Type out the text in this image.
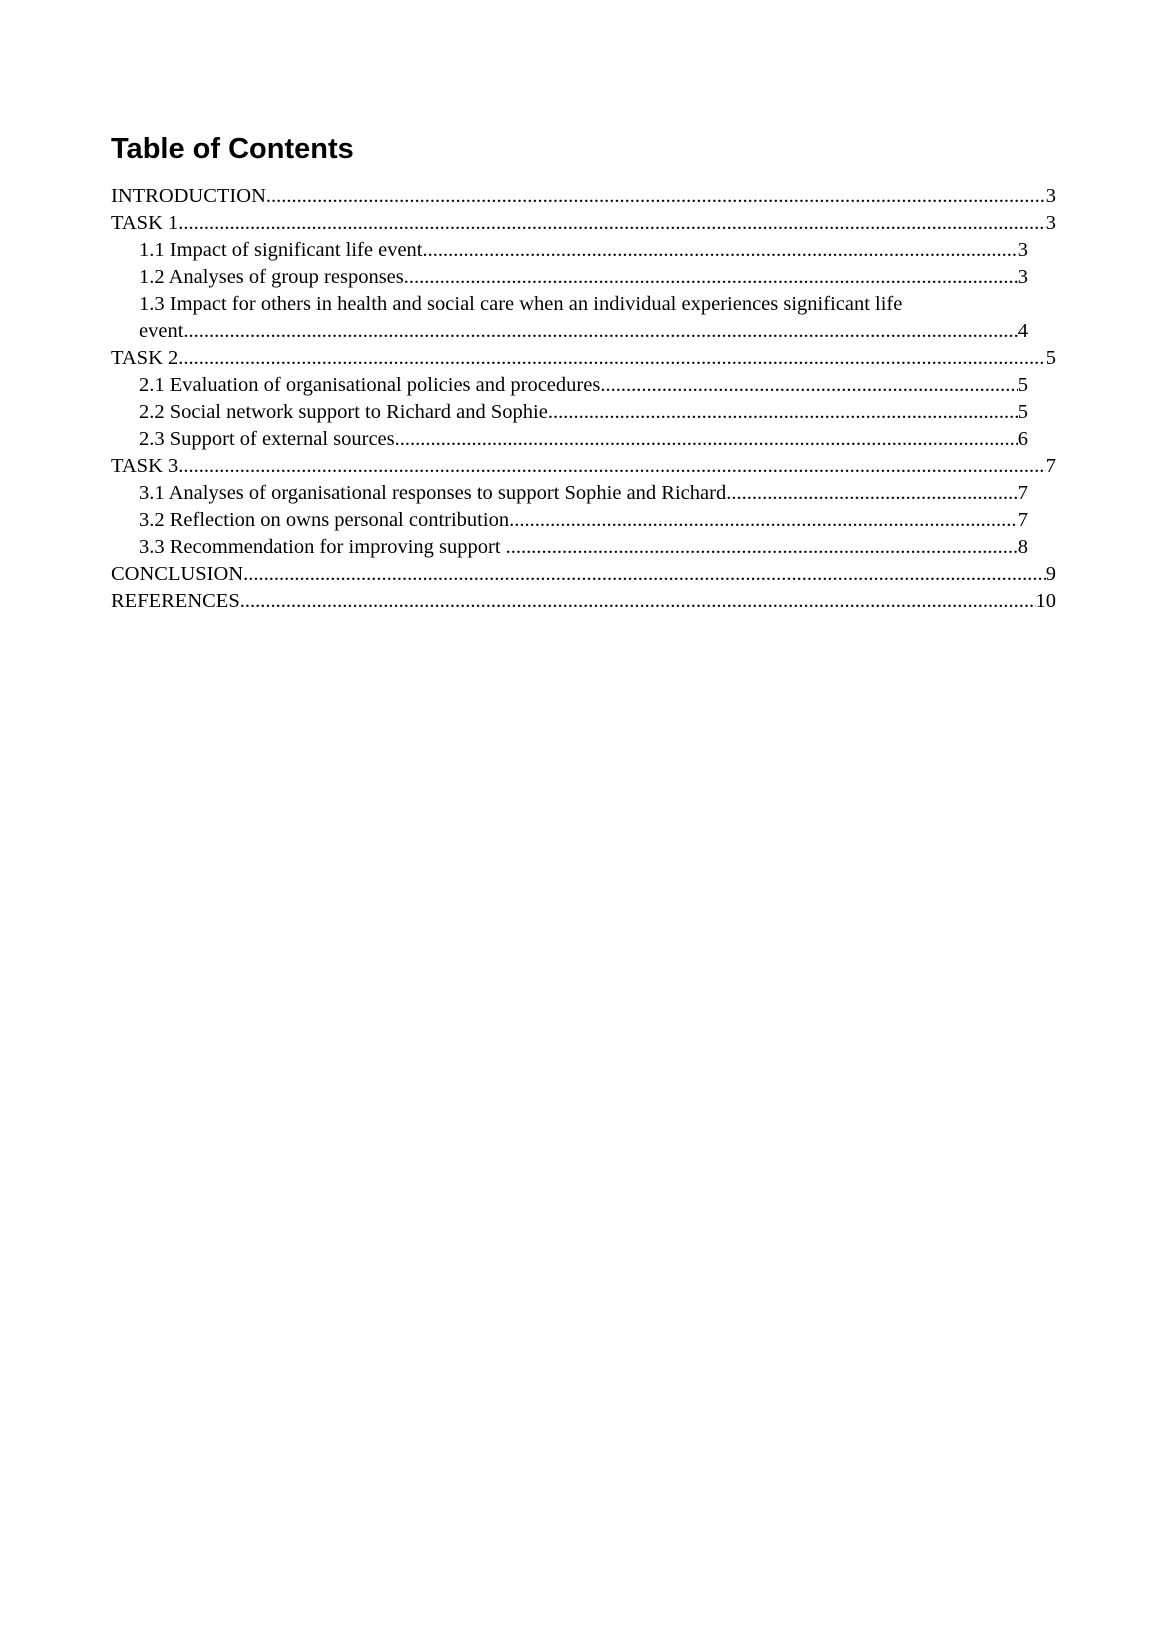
Table of Contents
INTRODUCTION .....	3
TASK 1 .....	3
1.1 Impact of significant life event .....	3
1.2 Analyses of group responses .....	3
1.3 Impact for others in health and social care when an individual experiences significant life
event .....	4
TASK 2 .....	5
2.1 Evaluation of organisational policies and procedures .....	5
2.2 Social network support to Richard and Sophie .....	5
2.3 Support of external sources .....	6
TASK 3 .....	7
3.1 Analyses of organisational responses to support Sophie and Richard .....	7
3.2 Reflection on owns personal contribution .....	7
3.3 Recommendation for improving support .....	8
CONCLUSION .....	9
REFERENCES .....	10
